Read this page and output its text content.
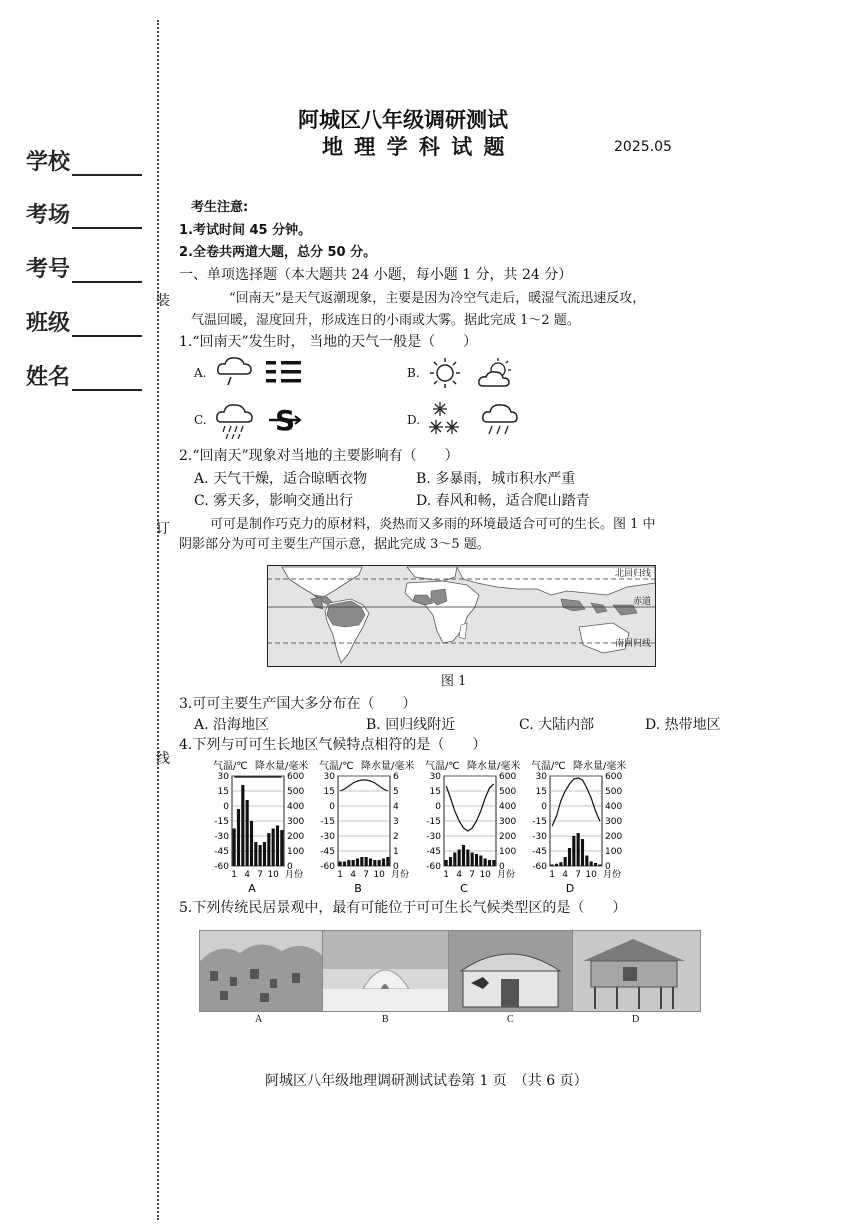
学校
考场
考号
班级
姓名
装
订
线
阿城区八年级调研测试
地 理 学 科 试 题	2025.05
考生注意:
1.考试时间 45 分钟。
2.全卷共两道大题，总分 50 分。
一、单项选择题（本大题共 24 小题，每小题 1 分，共 24 分）
“回南天”是天气返潮现象，主要是因为冷空气走后，暖湿气流迅速反攻，
气温回暖，湿度回升，形成连日的小雨或大雾。据此完成 1～2 题。
1.“回南天”发生时， 当地的天气一般是（　　）
A.	B.
C. S	D.
2.“回南天”现象对当地的主要影响有（　　）
A. 天气干燥，适合晾晒衣物	B. 多暴雨，城市积水严重
C. 雾天多，影响交通出行	D. 春风和畅，适合爬山踏青
可可是制作巧克力的原材料，炎热而又多雨的环境最适合可可的生长。图 1 中
阴影部分为可可主要生产国示意，据此完成 3～5 题。
北回归线
赤道
南回归线
图 1
3.可可主要生产国大多分布在（　　）
A. 沿海地区	B. 回归线附近	C. 大陆内部	D. 热带地区
4.下列与可可生长地区气候特点相符的是（　　）
气温/℃ 降水量/毫米
30
15
0
-15
-30
-45
-60
600
500
400
300
200
100
0
1 4 7 10 月份
A
气温/℃ 降水量/毫米
30
15
0
-15
-30
-45
-60
6
5
4
3
2
1
0
1 4 7 10 月份
B
气温/℃ 降水量/毫米
30
15
0
-15
-30
-45
-60
600
500
400
300
200
100
0
1 4 7 10 月份
C
气温/℃ 降水量/毫米
30
15
0
-15
-30
-45
-60
600
500
400
300
200
100
0
1 4 7 10 月份
D
5.下列传统民居景观中，最有可能位于可可生长气候类型区的是（　　）
A	B	C	D
阿城区八年级地理调研测试试卷第 1 页　（共 6 页）
